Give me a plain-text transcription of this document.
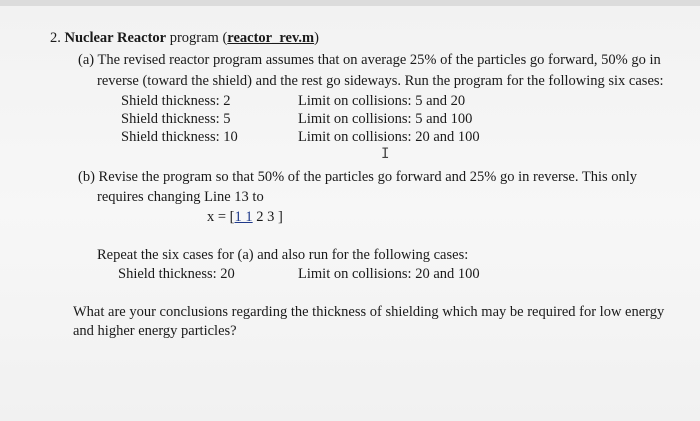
2. Nuclear Reactor program (reactor_rev.m)
(a) The revised reactor program assumes that on average 25% of the particles go forward, 50% go in
reverse (toward the shield) and the rest go sideways. Run the program for the following six cases:
Shield thickness: 2	Limit on collisions: 5 and 20
Shield thickness: 5	Limit on collisions: 5 and 100
Shield thickness: 10	Limit on collisions: 20 and 100
I
(b) Revise the program so that 50% of the particles go forward and 25% go in reverse. This only
requires changing Line 13 to
x = [1 1 2 3 ]
Repeat the six cases for (a) and also run for the following cases:
Shield thickness: 20	Limit on collisions: 20 and 100
What are your conclusions regarding the thickness of shielding which may be required for low energy
and higher energy particles?
